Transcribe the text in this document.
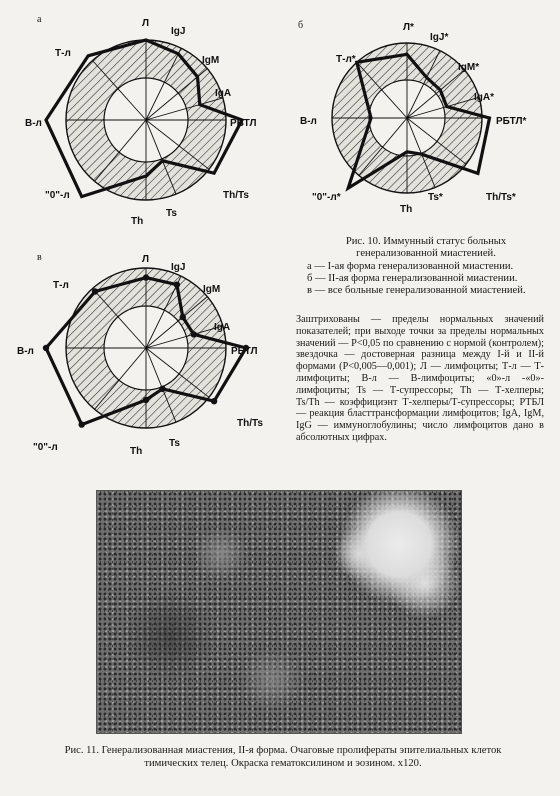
а
б
в
Л
IgJ
IgM
IgA
РБТЛ
Th/Ts
Ts
Th
"0"-л
В-л
Т-л
Л*
IgJ*
IgM*
IgA*
РБТЛ*
Th/Ts*
Ts*
Th
"0"-л*
В-л
Т-л*
Л
IgJ
IgM
IgA
РБТЛ
Th/Ts
Ts
Th
"0"-л
В-л
Т-л
Рис. 10. Иммунный статус больных
генерализованной миастенией.
а — I-ая форма генерализованной миастении.
б — II-ая форма генерализованной миастении.
в — все больные генерализованной миастенией.
Заштрихованы — пределы нормальных значений показателей; при выходе точки за пределы нормальных значений — Р<0,05 по сравнению с нормой (контролем); звездочка — достоверная разница между I-й и II-й формами (Р<0,005—0,001); Л — лимфоциты; Т-л — Т-лимфоциты; В-л — В-лимфоциты; «0»-л -«0»-лимфоциты; Ts — Т-супрессоры; Th — Т-хелперы; Ts/Th — коэффициэнт Т-хелперы/Т-супрессоры; РТБЛ — реакция бласттрансформации лимфоцитов; IgA, IgM, IgG — иммуноглобулины; число лимфоцитов дано в абсолютных цифрах.
Рис. 11. Генерализованная миастения, II-я форма. Очаговые пролифераты эпителиальных клеток тимических телец. Окраска гематоксилином и эозином. x120.
